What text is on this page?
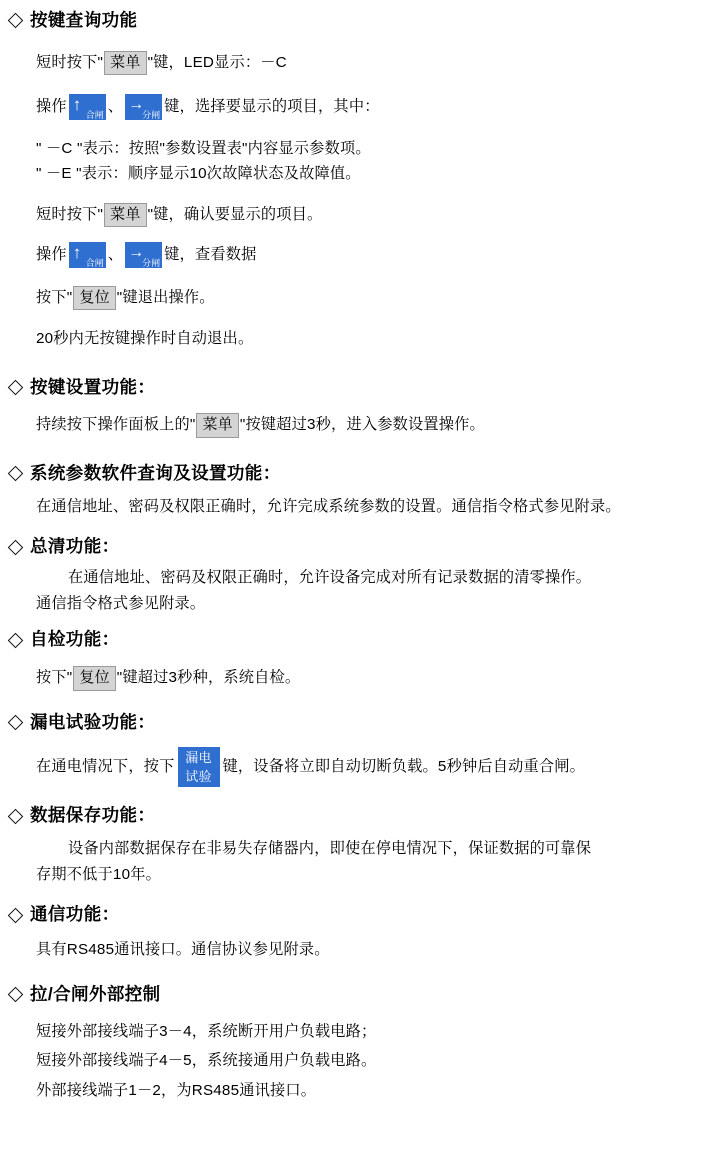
按键查询功能
短时按下" 菜单 "键，LED显示：－C
操作 ↑
合闸 、 →
分闸 键，选择要显示的项目，其中：
" －C "表示：按照"参数设置表"内容显示参数项。
" －E "表示：顺序显示10次故障状态及故障值。
短时按下" 菜单 "键，确认要显示的项目。
操作 ↑
合闸 、 →
分闸 键，查看数据
按下" 复位 "键退出操作。
20秒内无按键操作时自动退出。
按键设置功能：
持续按下操作面板上的" 菜单 "按键超过3秒，进入参数设置操作。
系统参数软件查询及设置功能：
在通信地址、密码及权限正确时，允许完成系统参数的设置。通信指令格式参见附录。
总清功能：
在通信地址、密码及权限正确时，允许设备完成对所有记录数据的清零操作。
通信指令格式参见附录。
自检功能：
按下" 复位 "键超过3秒种，系统自检。
漏电试验功能：
在通电情况下，按下
漏电
试验
键，设备将立即自动切断负载。5秒钟后自动重合闸。
数据保存功能：
设备内部数据保存在非易失存储器内，即使在停电情况下，保证数据的可靠保
存期不低于10年。
通信功能：
具有RS485通讯接口。通信协议参见附录。
拉/合闸外部控制
短接外部接线端子3－4，系统断开用户负载电路；
短接外部接线端子4－5，系统接通用户负载电路。
外部接线端子1－2，为RS485通讯接口。
